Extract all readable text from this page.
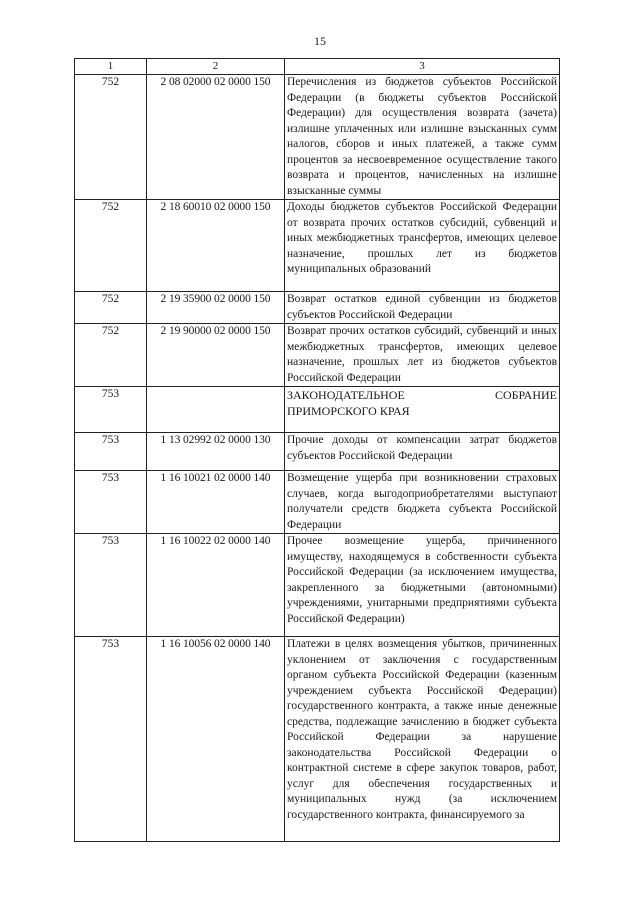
15
1	2	3
752	2 08 02000 02 0000 150	Перечисления из бюджетов субъектов Российской Федерации (в бюджеты субъектов Российской Федерации) для осуществления возврата (зачета) излишне уплаченных или излишне взысканных сумм налогов, сборов и иных платежей, а также сумм процентов за несвоевременное осуществление такого возврата и процентов, начисленных на излишне взысканные суммы
752	2 18 60010 02 0000 150	Доходы бюджетов субъектов Российской Федерации от возврата прочих остатков субсидий, субвенций и иных межбюджетных трансфертов, имеющих целевое назначение, прошлых лет из бюджетов муниципальных образований
752	2 19 35900 02 0000 150	Возврат остатков единой субвенции из бюджетов субъектов Российской Федерации
752	2 19 90000 02 0000 150	Возврат прочих остатков субсидий, субвенций и иных межбюджетных трансфертов, имеющих целевое назначение, прошлых лет из бюджетов субъектов Российской Федерации
753		ЗАКОНОДАТЕЛЬНОЕ СОБРАНИЕ
ПРИМОРСКОГО КРАЯ

753	1 13 02992 02 0000 130	Прочие доходы от компенсации затрат бюджетов субъектов Российской Федерации
753	1 16 10021 02 0000 140	Возмещение ущерба при возникновении страховых случаев, когда выгодоприобретателями выступают получатели средств бюджета субъекта Российской Федерации
753	1 16 10022 02 0000 140	Прочее возмещение ущерба, причиненного имуществу, находящемуся в собственности субъекта Российской Федерации (за исключением имущества, закрепленного за бюджетными (автономными) учреждениями, унитарными предприятиями субъекта Российской Федерации)
753	1 16 10056 02 0000 140	Платежи в целях возмещения убытков, причиненных уклонением от заключения с государственным органом субъекта Российской Федерации (казенным учреждением субъекта Российской Федерации) государственного контракта, а также иные денежные средства, подлежащие зачислению в бюджет субъекта Российской Федерации за нарушение законодательства Российской Федерации о контрактной системе в сфере закупок товаров, работ, услуг для обеспечения государственных и муниципальных нужд (за исключением государственного контракта, финансируемого за
